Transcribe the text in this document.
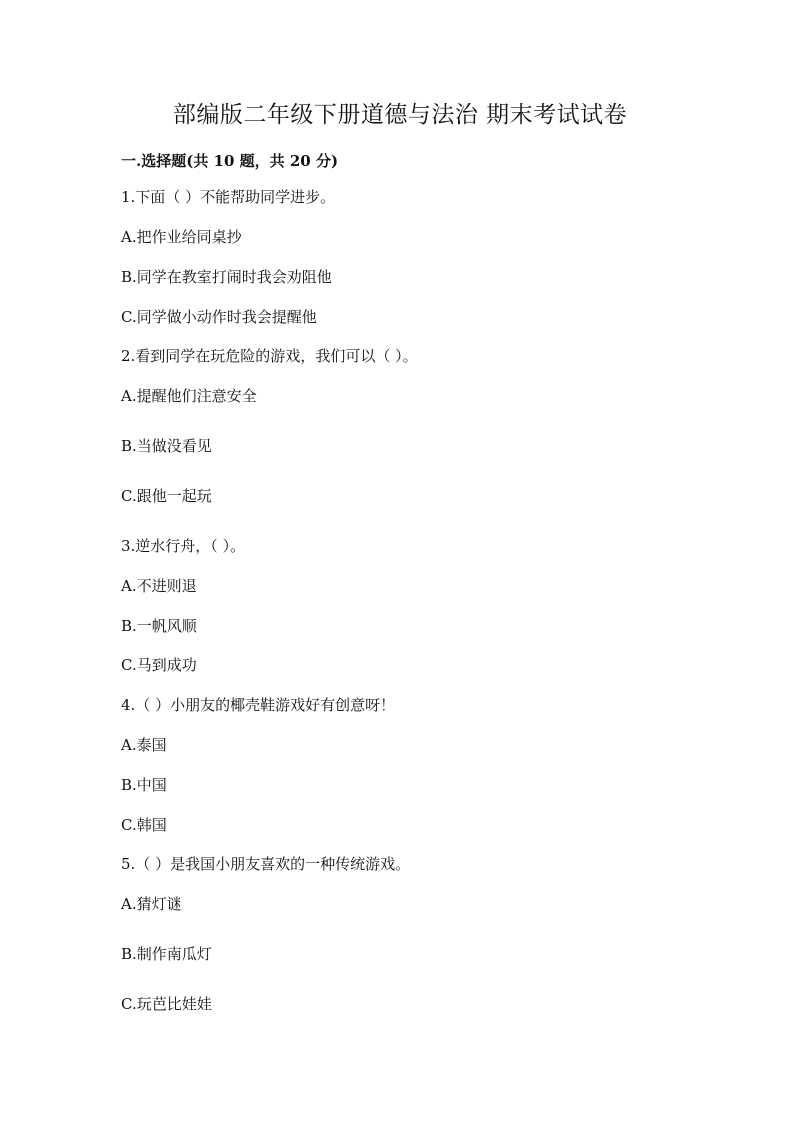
部编版二年级下册道德与法治 期末考试试卷
一.选择题(共 10 题，共 20 分)
1.下面（ ）不能帮助同学进步。
A.把作业给同桌抄
B.同学在教室打闹时我会劝阻他
C.同学做小动作时我会提醒他
2.看到同学在玩危险的游戏，我们可以（ ）。
A.提醒他们注意安全
B.当做没看见
C.跟他一起玩
3.逆水行舟，（ ）。
A.不进则退
B.一帆风顺
C.马到成功
4.（ ）小朋友的椰壳鞋游戏好有创意呀！
A.泰国
B.中国
C.韩国
5.（ ）是我国小朋友喜欢的一种传统游戏。
A.猜灯谜
B.制作南瓜灯
C.玩芭比娃娃
